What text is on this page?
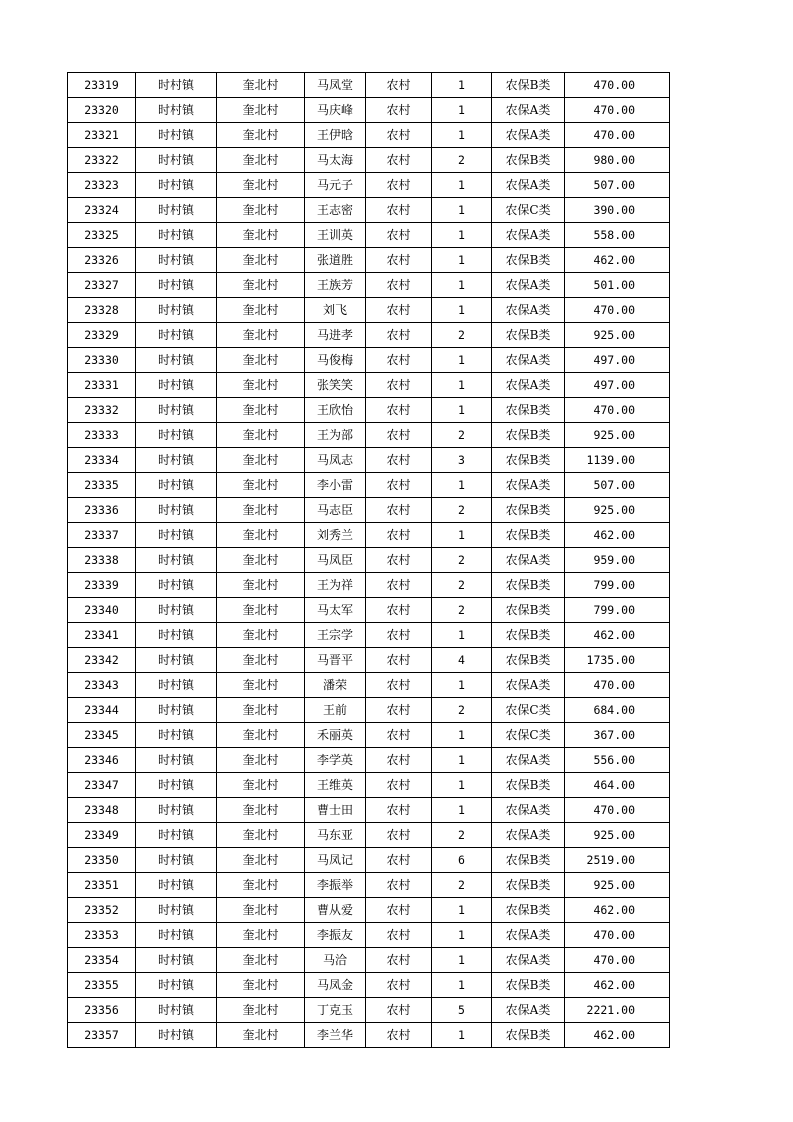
23319	时村镇	奎北村	马凤堂	农村	1	农保B类	470.00
23320	时村镇	奎北村	马庆峰	农村	1	农保A类	470.00
23321	时村镇	奎北村	王伊晗	农村	1	农保A类	470.00
23322	时村镇	奎北村	马太海	农村	2	农保B类	980.00
23323	时村镇	奎北村	马元子	农村	1	农保A类	507.00
23324	时村镇	奎北村	王志密	农村	1	农保C类	390.00
23325	时村镇	奎北村	王训英	农村	1	农保A类	558.00
23326	时村镇	奎北村	张道胜	农村	1	农保B类	462.00
23327	时村镇	奎北村	王族芳	农村	1	农保A类	501.00
23328	时村镇	奎北村	刘飞	农村	1	农保A类	470.00
23329	时村镇	奎北村	马进孝	农村	2	农保B类	925.00
23330	时村镇	奎北村	马俊梅	农村	1	农保A类	497.00
23331	时村镇	奎北村	张笑笑	农村	1	农保A类	497.00
23332	时村镇	奎北村	王欣怡	农村	1	农保B类	470.00
23333	时村镇	奎北村	王为部	农村	2	农保B类	925.00
23334	时村镇	奎北村	马凤志	农村	3	农保B类	1139.00
23335	时村镇	奎北村	李小雷	农村	1	农保A类	507.00
23336	时村镇	奎北村	马志臣	农村	2	农保B类	925.00
23337	时村镇	奎北村	刘秀兰	农村	1	农保B类	462.00
23338	时村镇	奎北村	马凤臣	农村	2	农保A类	959.00
23339	时村镇	奎北村	王为祥	农村	2	农保B类	799.00
23340	时村镇	奎北村	马太军	农村	2	农保B类	799.00
23341	时村镇	奎北村	王宗学	农村	1	农保B类	462.00
23342	时村镇	奎北村	马晋平	农村	4	农保B类	1735.00
23343	时村镇	奎北村	潘荣	农村	1	农保A类	470.00
23344	时村镇	奎北村	王前	农村	2	农保C类	684.00
23345	时村镇	奎北村	禾丽英	农村	1	农保C类	367.00
23346	时村镇	奎北村	李学英	农村	1	农保A类	556.00
23347	时村镇	奎北村	王维英	农村	1	农保B类	464.00
23348	时村镇	奎北村	曹士田	农村	1	农保A类	470.00
23349	时村镇	奎北村	马东亚	农村	2	农保A类	925.00
23350	时村镇	奎北村	马凤记	农村	6	农保B类	2519.00
23351	时村镇	奎北村	李振举	农村	2	农保B类	925.00
23352	时村镇	奎北村	曹从爱	农村	1	农保B类	462.00
23353	时村镇	奎北村	李振友	农村	1	农保A类	470.00
23354	时村镇	奎北村	马洽	农村	1	农保A类	470.00
23355	时村镇	奎北村	马凤金	农村	1	农保B类	462.00
23356	时村镇	奎北村	丁克玉	农村	5	农保A类	2221.00
23357	时村镇	奎北村	李兰华	农村	1	农保B类	462.00
